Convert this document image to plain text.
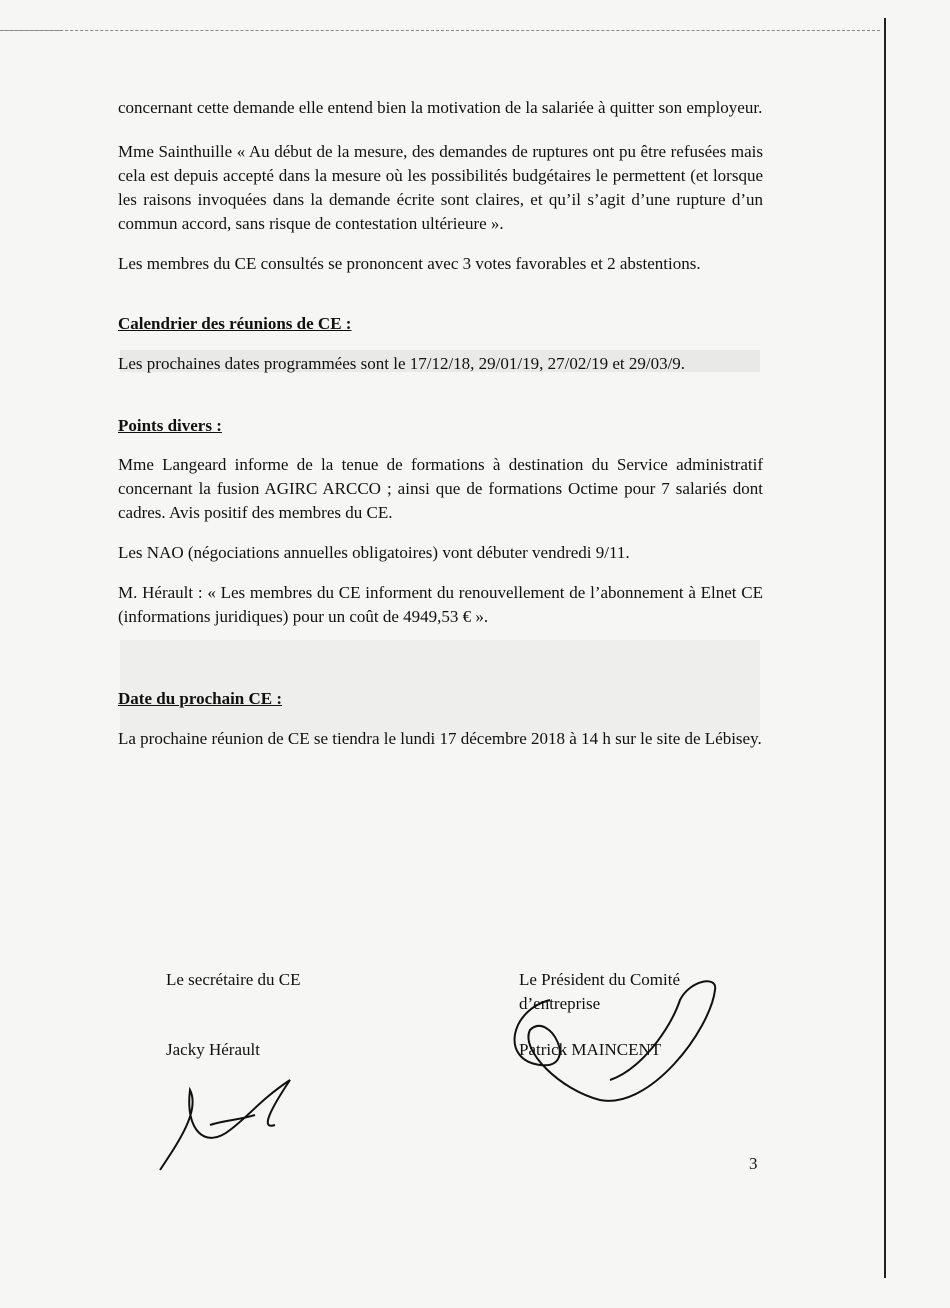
concernant cette demande elle entend bien la motivation de la salariée à quitter son employeur.

Mme Sainthuille « Au début de la mesure, des demandes de ruptures ont pu être refusées mais cela est depuis accepté dans la mesure où les possibilités budgétaires le permettent (et lorsque les raisons invoquées dans la demande écrite sont claires, et qu’il s’agit d’une rupture d’un commun accord, sans risque de contestation ultérieure ».

Les membres du CE consultés se prononcent avec 3 votes favorables et 2 abstentions.

Calendrier des réunions de CE :

Les prochaines dates programmées sont le 17/12/18, 29/01/19, 27/02/19 et 29/03/9.

Points divers :

Mme Langeard informe de la tenue de formations à destination du Service administratif concernant la fusion AGIRC ARCCO ; ainsi que de formations Octime pour 7 salariés dont cadres. Avis positif des membres du CE.

Les NAO (négociations annuelles obligatoires) vont débuter vendredi 9/11.

M. Hérault : « Les membres du CE informent du renouvellement de l’abonnement à Elnet CE (informations juridiques) pour un coût de 4949,53 € ».

Date du prochain CE :

La prochaine réunion de CE se tiendra le lundi 17 décembre 2018 à 14 h sur le site de Lébisey.

Le secrétaire du CE
Jacky Hérault
Le Président du Comité
d’entreprise
Patrick MAINCENT
3
